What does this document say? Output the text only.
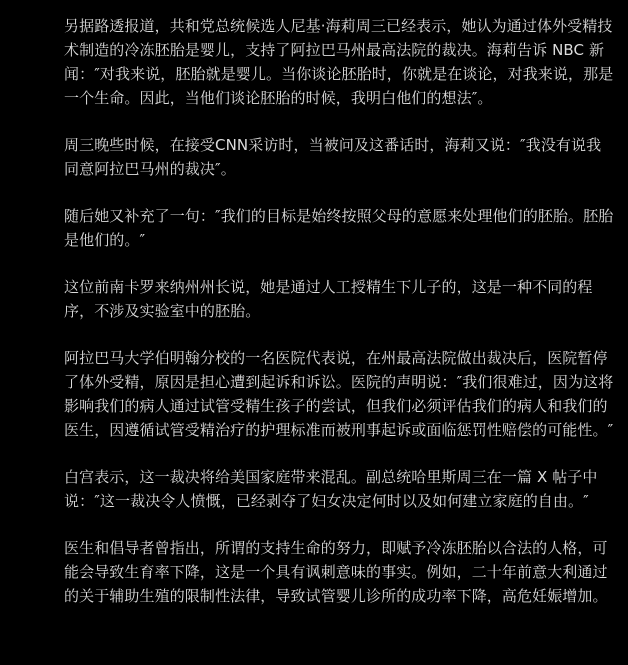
另据路透报道，共和党总统候选人尼基·海莉周三已经表示，她认为通过体外受精技术制造的冷冻胚胎是婴儿，支持了阿拉巴马州最高法院的裁决。海莉告诉 NBC 新闻：″对我来说，胚胎就是婴儿。当你谈论胚胎时，你就是在谈论，对我来说，那是一个生命。因此，当他们谈论胚胎的时候，我明白他们的想法″。

周三晚些时候，在接受CNN采访时，当被问及这番话时，海莉又说：″我没有说我同意阿拉巴马州的裁决″。

随后她又补充了一句：″我们的目标是始终按照父母的意愿来处理他们的胚胎。胚胎是他们的。″

这位前南卡罗来纳州州长说，她是通过人工授精生下儿子的，这是一种不同的程序，不涉及实验室中的胚胎。

阿拉巴马大学伯明翰分校的一名医院代表说，在州最高法院做出裁决后，医院暂停了体外受精，原因是担心遭到起诉和诉讼。医院的声明说：″我们很难过，因为这将影响我们的病人通过试管受精生孩子的尝试，但我们必须评估我们的病人和我们的医生，因遵循试管受精治疗的护理标准而被刑事起诉或面临惩罚性赔偿的可能性。″

白宫表示，这一裁决将给美国家庭带来混乱。副总统哈里斯周三在一篇 X 帖子中说：″这一裁决令人愤慨，已经剥夺了妇女决定何时以及如何建立家庭的自由。″

医生和倡导者曾指出，所谓的支持生命的努力，即赋予冷冻胚胎以合法的人格，可能会导致生育率下降，这是一个具有讽刺意味的事实。例如，二十年前意大利通过的关于辅助生殖的限制性法律，导致试管婴儿诊所的成功率下降，高危妊娠增加。
